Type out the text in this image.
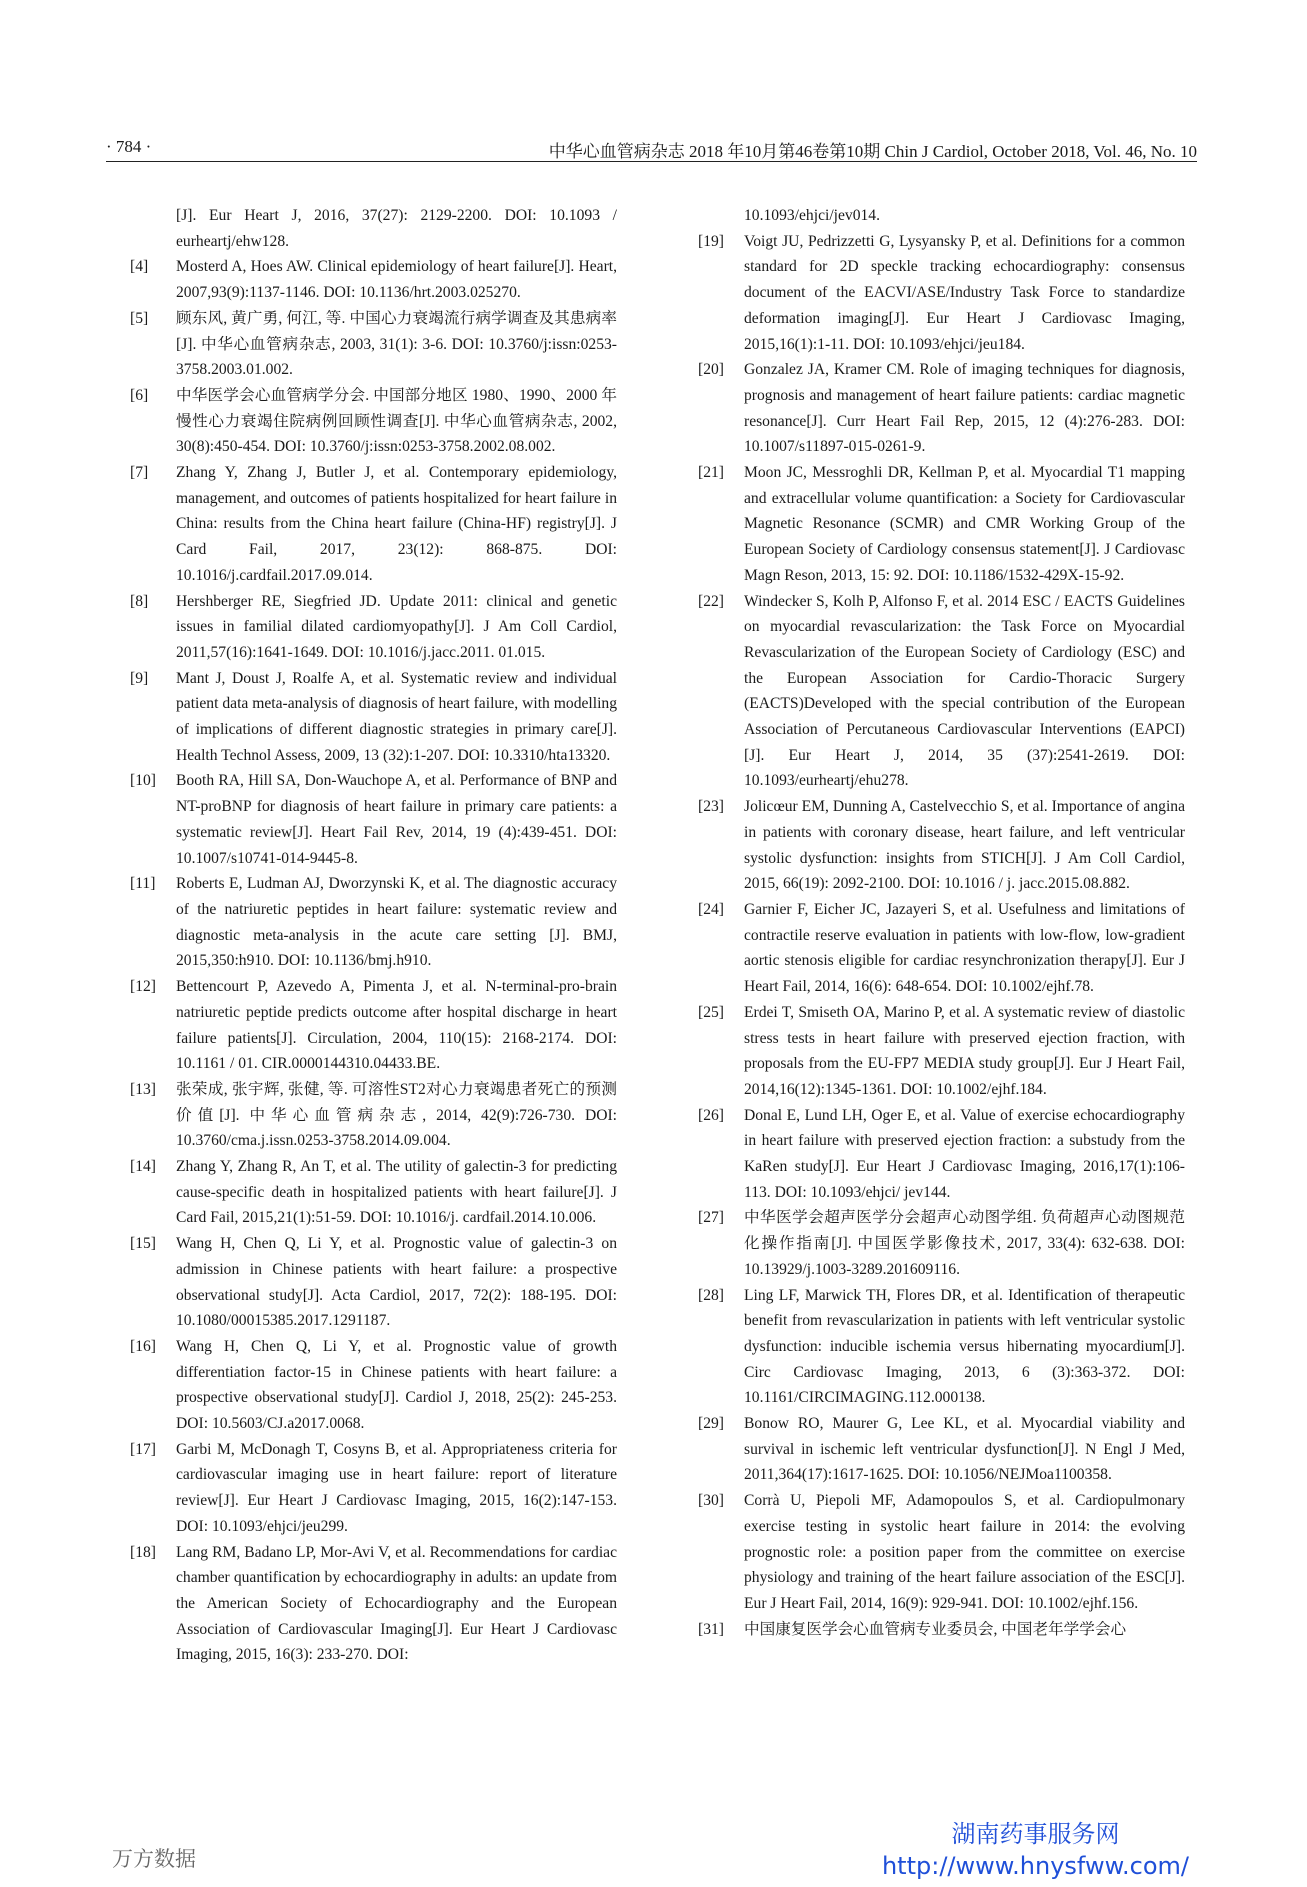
· 784 ·	中华心血管病杂志 2018 年10月第46卷第10期 Chin J Cardiol, October 2018, Vol. 46, No. 10
[J]. Eur Heart J, 2016, 37(27): 2129-2200. DOI: 10.1093 / eurheartj/ehw128.
[4] Mosterd A, Hoes AW. Clinical epidemiology of heart failure[J]. Heart, 2007,93(9):1137-1146. DOI: 10.1136/hrt.2003.025270.
[5] 顾东风, 黄广勇, 何江, 等. 中国心力衰竭流行病学调查及其患病率[J]. 中华心血管病杂志, 2003, 31(1): 3-6. DOI: 10.3760/j:issn:0253-3758.2003.01.002.
[6] 中华医学会心血管病学分会. 中国部分地区 1980、1990、2000 年慢性心力衰竭住院病例回顾性调查[J]. 中华心血管病杂志, 2002, 30(8):450-454. DOI: 10.3760/j:issn:0253-3758.2002.08.002.
[7] Zhang Y, Zhang J, Butler J, et al. Contemporary epidemiology, management, and outcomes of patients hospitalized for heart failure in China: results from the China heart failure (China-HF) registry[J]. J Card Fail, 2017, 23(12): 868-875. DOI: 10.1016/j.cardfail.2017.09.014.
[8] Hershberger RE, Siegfried JD. Update 2011: clinical and genetic issues in familial dilated cardiomyopathy[J]. J Am Coll Cardiol, 2011,57(16):1641-1649. DOI: 10.1016/j.jacc.2011. 01.015.
[9] Mant J, Doust J, Roalfe A, et al. Systematic review and individual patient data meta-analysis of diagnosis of heart failure, with modelling of implications of different diagnostic strategies in primary care[J]. Health Technol Assess, 2009, 13 (32):1-207. DOI: 10.3310/hta13320.
[10] Booth RA, Hill SA, Don-Wauchope A, et al. Performance of BNP and NT-proBNP for diagnosis of heart failure in primary care patients: a systematic review[J]. Heart Fail Rev, 2014, 19 (4):439-451. DOI: 10.1007/s10741-014-9445-8.
[11] Roberts E, Ludman AJ, Dworzynski K, et al. The diagnostic accuracy of the natriuretic peptides in heart failure: systematic review and diagnostic meta-analysis in the acute care setting [J]. BMJ, 2015,350:h910. DOI: 10.1136/bmj.h910.
[12] Bettencourt P, Azevedo A, Pimenta J, et al. N-terminal-pro-brain natriuretic peptide predicts outcome after hospital discharge in heart failure patients[J]. Circulation, 2004, 110(15): 2168-2174. DOI: 10.1161 / 01. CIR.0000144310.04433.BE.
[13] 张荣成, 张宇辉, 张健, 等. 可溶性ST2对心力衰竭患者死亡的预测价值[J]. 中华心血管病杂志, 2014, 42(9):726-730. DOI: 10.3760/cma.j.issn.0253-3758.2014.09.004.
[14] Zhang Y, Zhang R, An T, et al. The utility of galectin-3 for predicting cause-specific death in hospitalized patients with heart failure[J]. J Card Fail, 2015,21(1):51-59. DOI: 10.1016/j. cardfail.2014.10.006.
[15] Wang H, Chen Q, Li Y, et al. Prognostic value of galectin-3 on admission in Chinese patients with heart failure: a prospective observational study[J]. Acta Cardiol, 2017, 72(2): 188-195. DOI: 10.1080/00015385.2017.1291187.
[16] Wang H, Chen Q, Li Y, et al. Prognostic value of growth differentiation factor-15 in Chinese patients with heart failure: a prospective observational study[J]. Cardiol J, 2018, 25(2): 245-253. DOI: 10.5603/CJ.a2017.0068.
[17] Garbi M, McDonagh T, Cosyns B, et al. Appropriateness criteria for cardiovascular imaging use in heart failure: report of literature review[J]. Eur Heart J Cardiovasc Imaging, 2015, 16(2):147-153. DOI: 10.1093/ehjci/jeu299.
[18] Lang RM, Badano LP, Mor-Avi V, et al. Recommendations for cardiac chamber quantification by echocardiography in adults: an update from the American Society of Echocardiography and the European Association of Cardiovascular Imaging[J]. Eur Heart J Cardiovasc Imaging, 2015, 16(3): 233-270. DOI:
10.1093/ehjci/jev014.
[19] Voigt JU, Pedrizzetti G, Lysyansky P, et al. Definitions for a common standard for 2D speckle tracking echocardiography: consensus document of the EACVI/ASE/Industry Task Force to standardize deformation imaging[J]. Eur Heart J Cardiovasc Imaging, 2015,16(1):1-11. DOI: 10.1093/ehjci/jeu184.
[20] Gonzalez JA, Kramer CM. Role of imaging techniques for diagnosis, prognosis and management of heart failure patients: cardiac magnetic resonance[J]. Curr Heart Fail Rep, 2015, 12 (4):276-283. DOI: 10.1007/s11897-015-0261-9.
[21] Moon JC, Messroghli DR, Kellman P, et al. Myocardial T1 mapping and extracellular volume quantification: a Society for Cardiovascular Magnetic Resonance (SCMR) and CMR Working Group of the European Society of Cardiology consensus statement[J]. J Cardiovasc Magn Reson, 2013, 15: 92. DOI: 10.1186/1532-429X-15-92.
[22] Windecker S, Kolh P, Alfonso F, et al. 2014 ESC / EACTS Guidelines on myocardial revascularization: the Task Force on Myocardial Revascularization of the European Society of Cardiology (ESC) and the European Association for Cardio-Thoracic Surgery (EACTS)Developed with the special contribution of the European Association of Percutaneous Cardiovascular Interventions (EAPCI)[J]. Eur Heart J, 2014, 35 (37):2541-2619. DOI: 10.1093/eurheartj/ehu278.
[23] Jolicœur EM, Dunning A, Castelvecchio S, et al. Importance of angina in patients with coronary disease, heart failure, and left ventricular systolic dysfunction: insights from STICH[J]. J Am Coll Cardiol, 2015, 66(19): 2092-2100. DOI: 10.1016 / j. jacc.2015.08.882.
[24] Garnier F, Eicher JC, Jazayeri S, et al. Usefulness and limitations of contractile reserve evaluation in patients with low-flow, low-gradient aortic stenosis eligible for cardiac resynchronization therapy[J]. Eur J Heart Fail, 2014, 16(6): 648-654. DOI: 10.1002/ejhf.78.
[25] Erdei T, Smiseth OA, Marino P, et al. A systematic review of diastolic stress tests in heart failure with preserved ejection fraction, with proposals from the EU-FP7 MEDIA study group[J]. Eur J Heart Fail, 2014,16(12):1345-1361. DOI: 10.1002/ejhf.184.
[26] Donal E, Lund LH, Oger E, et al. Value of exercise echocardiography in heart failure with preserved ejection fraction: a substudy from the KaRen study[J]. Eur Heart J Cardiovasc Imaging, 2016,17(1):106-113. DOI: 10.1093/ehjci/ jev144.
[27] 中华医学会超声医学分会超声心动图学组. 负荷超声心动图规范化操作指南[J]. 中国医学影像技术, 2017, 33(4): 632-638. DOI: 10.13929/j.1003-3289.201609116.
[28] Ling LF, Marwick TH, Flores DR, et al. Identification of therapeutic benefit from revascularization in patients with left ventricular systolic dysfunction: inducible ischemia versus hibernating myocardium[J]. Circ Cardiovasc Imaging, 2013, 6 (3):363-372. DOI: 10.1161/CIRCIMAGING.112.000138.
[29] Bonow RO, Maurer G, Lee KL, et al. Myocardial viability and survival in ischemic left ventricular dysfunction[J]. N Engl J Med, 2011,364(17):1617-1625. DOI: 10.1056/NEJMoa1100358.
[30] Corrà U, Piepoli MF, Adamopoulos S, et al. Cardiopulmonary exercise testing in systolic heart failure in 2014: the evolving prognostic role: a position paper from the committee on exercise physiology and training of the heart failure association of the ESC[J]. Eur J Heart Fail, 2014, 16(9): 929-941. DOI: 10.1002/ejhf.156.
[31] 中国康复医学会心血管病专业委员会, 中国老年学学会心
万方数据
湖南药事服务网
http://www.hnysfww.com/
